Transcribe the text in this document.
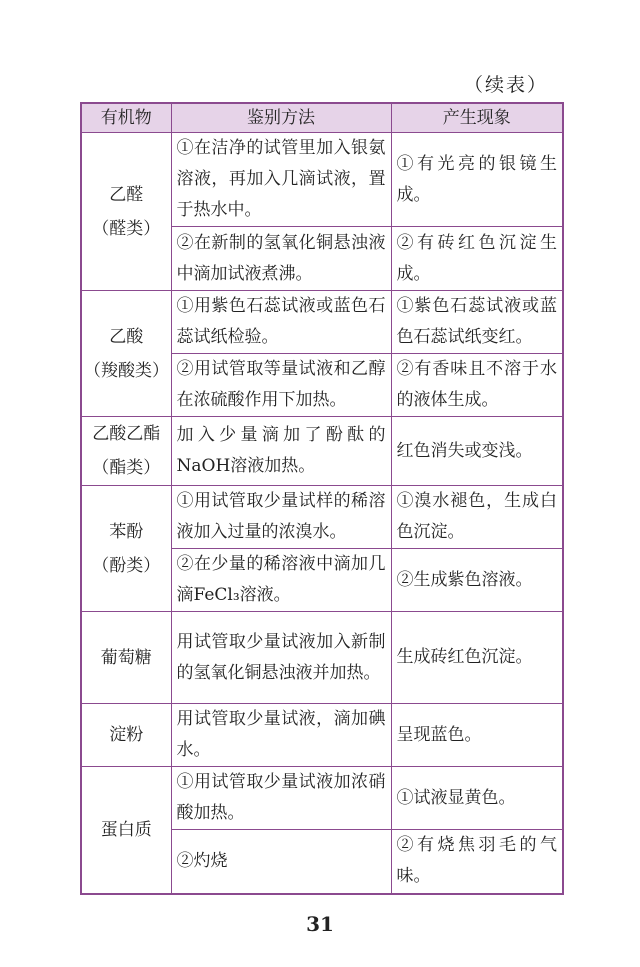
（续表）
有机物	鉴别方法	产生现象

乙醛
（醛类）	①在洁净的试管里加入银氨溶液，再加入几滴试液，置于热水中。	①有光亮的银镜生成。

	②在新制的氢氧化铜悬浊液中滴加试液煮沸。	②有砖红色沉淀生成。

乙酸
（羧酸类）	①用紫色石蕊试液或蓝色石蕊试纸检验。	①紫色石蕊试液或蓝色石蕊试纸变红。

	②用试管取等量试液和乙醇在浓硫酸作用下加热。	②有香味且不溶于水的液体生成。

乙酸乙酯
（酯类）	加入少量滴加了酚酞的NaOH溶液加热。	红色消失或变浅。

苯酚
（酚类）	①用试管取少量试样的稀溶液加入过量的浓溴水。	①溴水褪色，生成白色沉淀。

	②在少量的稀溶液中滴加几滴FeCl₃溶液。	②生成紫色溶液。

葡萄糖	用试管取少量试液加入新制的氢氧化铜悬浊液并加热。	生成砖红色沉淀。

淀粉	用试管取少量试液，滴加碘水。	呈现蓝色。

蛋白质	①用试管取少量试液加浓硝酸加热。	①试液显黄色。

	②灼烧	②有烧焦羽毛的气味。
31
